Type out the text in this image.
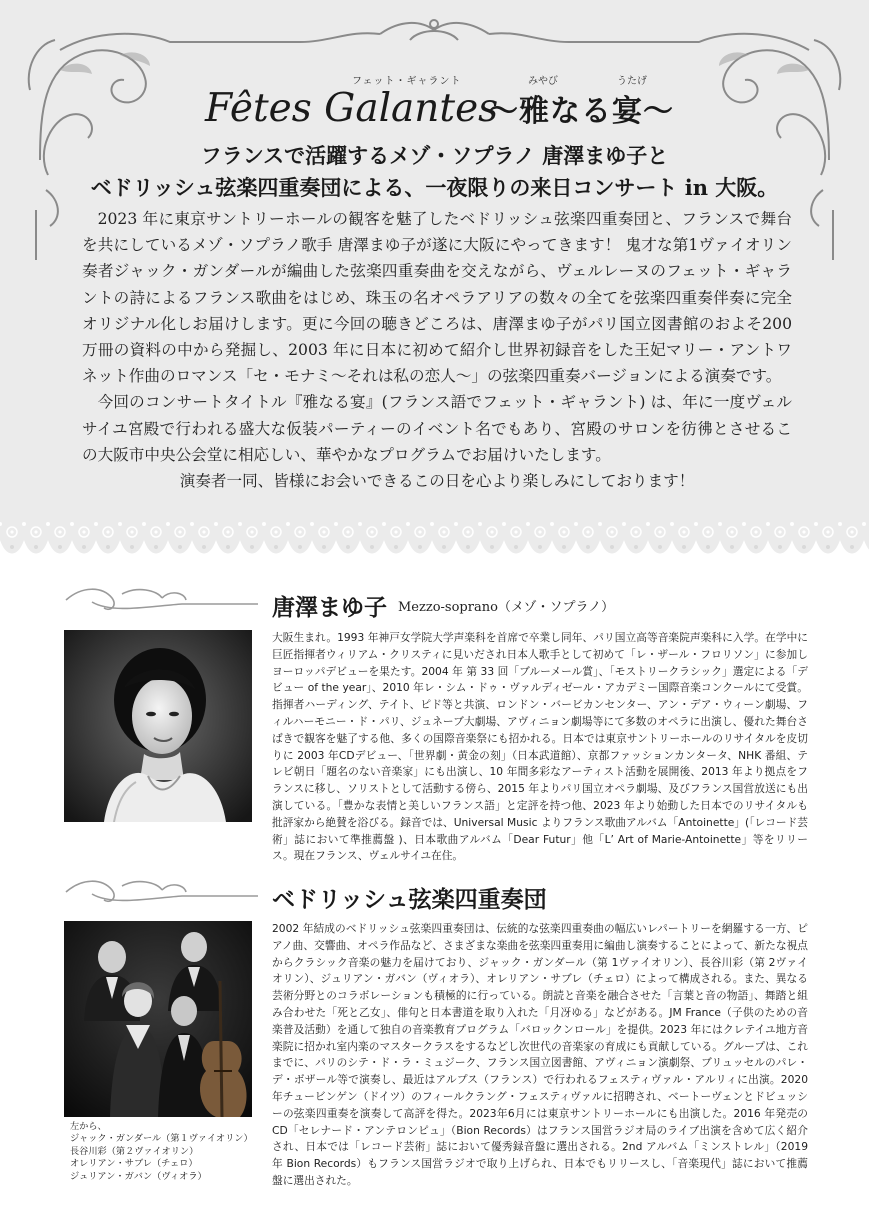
フェット・ギャラント
Fêtes Galantes
みやび	うたげ
〜雅なる宴〜
フランスで活躍するメゾ・ソプラノ 唐澤まゆ子と
ベドリッシュ弦楽四重奏団による、一夜限りの来日コンサート in 大阪。

2023 年に東京サントリーホールの観客を魅了したベドリッシュ弦楽四重奏団と、フランスで舞台を共にしているメゾ・ソプラノ歌手 唐澤まゆ子が遂に大阪にやってきます！ 鬼才な第1ヴァイオリン奏者ジャック・ガンダールが編曲した弦楽四重奏曲を交えながら、ヴェルレーヌのフェット・ギャラントの詩によるフランス歌曲をはじめ、珠玉の名オペラアリアの数々の全てを弦楽四重奏伴奏に完全オリジナル化しお届けします。更に今回の聴きどころは、唐澤まゆ子がパリ国立図書館のおよそ200万冊の資料の中から発掘し、2003 年に日本に初めて紹介し世界初録音をした王妃マリー・アントワネット作曲のロマンス「セ・モナミ〜それは私の恋人〜」の弦楽四重奏バージョンによる演奏です。

今回のコンサートタイトル『雅なる宴』(フランス語でフェット・ギャラント) は、年に一度ヴェルサイユ宮殿で行われる盛大な仮装パーティーのイベント名でもあり、宮殿のサロンを彷彿とさせるこの大阪市中央公会堂に相応しい、華やかなプログラムでお届けいたします。

演奏者一同、皆様にお会いできるこの日を心より楽しみにしております！

唐澤まゆ子 Mezzo-soprano（メゾ・ソプラノ）

大阪生まれ。1993 年神戸女学院大学声楽科を首席で卒業し同年、パリ国立高等音楽院声楽科に入学。在学中に巨匠指揮者ウィリアム・クリスティに見いだされ日本人歌手として初めて「レ・ザール・フロリソン」に参加しヨーロッパデビューを果たす。2004 年 第 33 回「ブルーメール賞」、「モストリークラシック」選定による「デビュー of the year」、2010 年レ・シム・ドゥ・ヴァルディゼール・アカデミー国際音楽コンクールにて受賞。指揮者ハーディング、テイト、ピド等と共演、ロンドン・バービカンセンター、アン・デア・ウィーン劇場、フィルハーモニー・ド・パリ、ジュネーブ大劇場、アヴィニョン劇場等にて多数のオペラに出演し、優れた舞台さばきで観客を魅了する他、多くの国際音楽祭にも招かれる。日本では東京サントリーホールのリサイタルを皮切りに 2003 年CDデビュー、「世界劇・黄金の刻」（日本武道館）、京都ファッションカンタータ、NHK 番組、テレビ朝日「題名のない音楽家」にも出演し、10 年間多彩なアーティスト活動を展開後、2013 年より拠点をフランスに移し、ソリストとして活動する傍ら、2015 年よりパリ国立オペラ劇場、及びフランス国営放送にも出演している。「豊かな表情と美しいフランス語」と定評を持つ他、2023 年より始動した日本でのリサイタルも批評家から絶賛を浴びる。録音では、Universal Music よりフランス歌曲アルバム「Antoinette」(「レコード芸術」誌において準推薦盤 )、日本歌曲アルバム「Dear Futur」他「L’ Art of Marie-Antoinette」等をリリース。現在フランス、ヴェルサイユ在住。

ベドリッシュ弦楽四重奏団
左から、
ジャック・ガンダール（第１ヴァイオリン）
長谷川彩（第２ヴァイオリン）
オレリアン・サブレ（チェロ）
ジュリアン・ガバン（ヴィオラ）

2002 年結成のベドリッシュ弦楽四重奏団は、伝統的な弦楽四重奏曲の幅広いレパートリーを網羅する一方、ピアノ曲、交響曲、オペラ作品など、さまざまな楽曲を弦楽四重奏用に編曲し演奏することによって、新たな視点からクラシック音楽の魅力を届けており、ジャック・ガンダール（第 1ヴァイオリン）、長谷川彩（第 2ヴァイオリン）、ジュリアン・ガバン（ヴィオラ）、オレリアン・サブレ（チェロ）によって構成される。また、異なる芸術分野とのコラボレーションも積極的に行っている。朗読と音楽を融合させた「言葉と音の物語」、舞踏と組み合わせた「死と乙女」、俳句と日本書道を取り入れた「月冴ゆる」などがある。JM France（子供のための音楽普及活動）を通して独自の音楽教育プログラム「バロックンロール」を提供。2023 年にはクレテイユ地方音楽院に招かれ室内楽のマスタークラスをするなどし次世代の音楽家の育成にも貢献している。グループは、これまでに、パリのシテ・ド・ラ・ミュジーク、フランス国立図書館、アヴィニョン演劇祭、ブリュッセルのパレ・デ・ボザール等で演奏し、最近はアルプス（フランス）で行われるフェスティヴァル・アルリィに出演。2020 年チュービンゲン（ドイツ）のフィールクラング・フェスティヴァルに招聘され、ベートーヴェンとドビュッシーの弦楽四重奏を演奏して高評を得た。2023年6月には東京サントリーホールにも出演した。2016 年発売の CD「セレナード・アンテロンピュ」（Bion Records）はフランス国営ラジオ局のライブ出演を含めて広く紹介され、日本では「レコード芸術」誌において優秀録音盤に選出される。2nd アルバム「ミンストレル」（2019 年 Bion Records）もフランス国営ラジオで取り上げられ、日本でもリリースし、「音楽現代」誌において推薦盤に選出された。
